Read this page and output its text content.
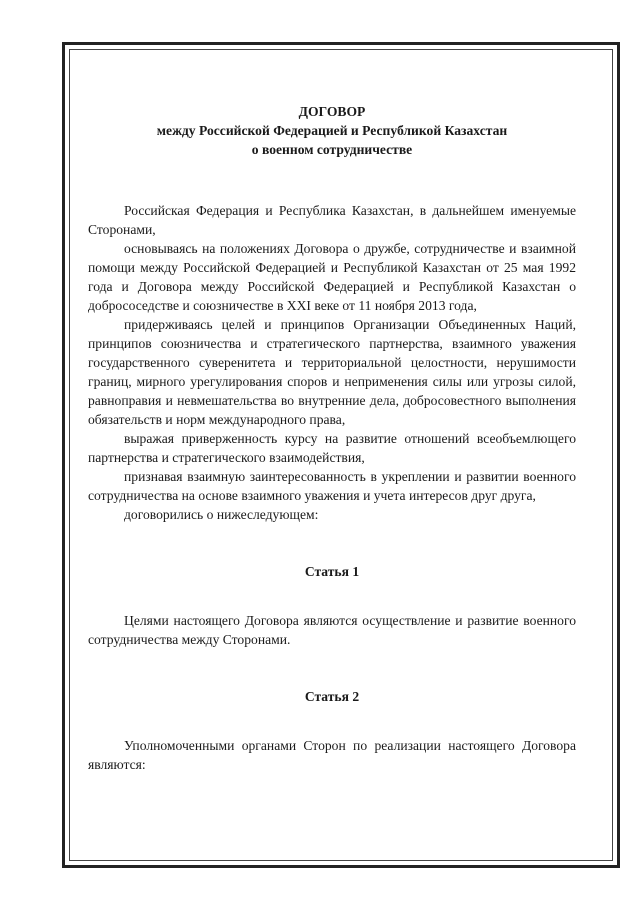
ДОГОВОР

между Российской Федерацией и Республикой Казахстан

о военном сотрудничестве

Российская Федерация и Республика Казахстан, в дальнейшем именуемые Сторонами,

основываясь на положениях Договора о дружбе, сотрудничестве и взаимной помощи между Российской Федерацией и Республикой Казахстан от 25 мая 1992 года и Договора между Российской Федерацией и Республикой Казахстан о добрососедстве и союзничестве в XXI веке от 11 ноября 2013 года,

придерживаясь целей и принципов Организации Объединенных Наций, принципов союзничества и стратегического партнерства, взаимного уважения государственного суверенитета и территориальной целостности, нерушимости границ, мирного урегулирования споров и неприменения силы или угрозы силой, равноправия и невмешательства во внутренние дела, добросовестного выполнения обязательств и норм международного права,

выражая приверженность курсу на развитие отношений всеобъемлющего партнерства и стратегического взаимодействия,

признавая взаимную заинтересованность в укреплении и развитии военного сотрудничества на основе взаимного уважения и учета интересов друг друга,

договорились о нижеследующем:

Статья 1

Целями настоящего Договора являются осуществление и развитие военного сотрудничества между Сторонами.

Статья 2

Уполномоченными органами Сторон по реализации настоящего Договора являются:
